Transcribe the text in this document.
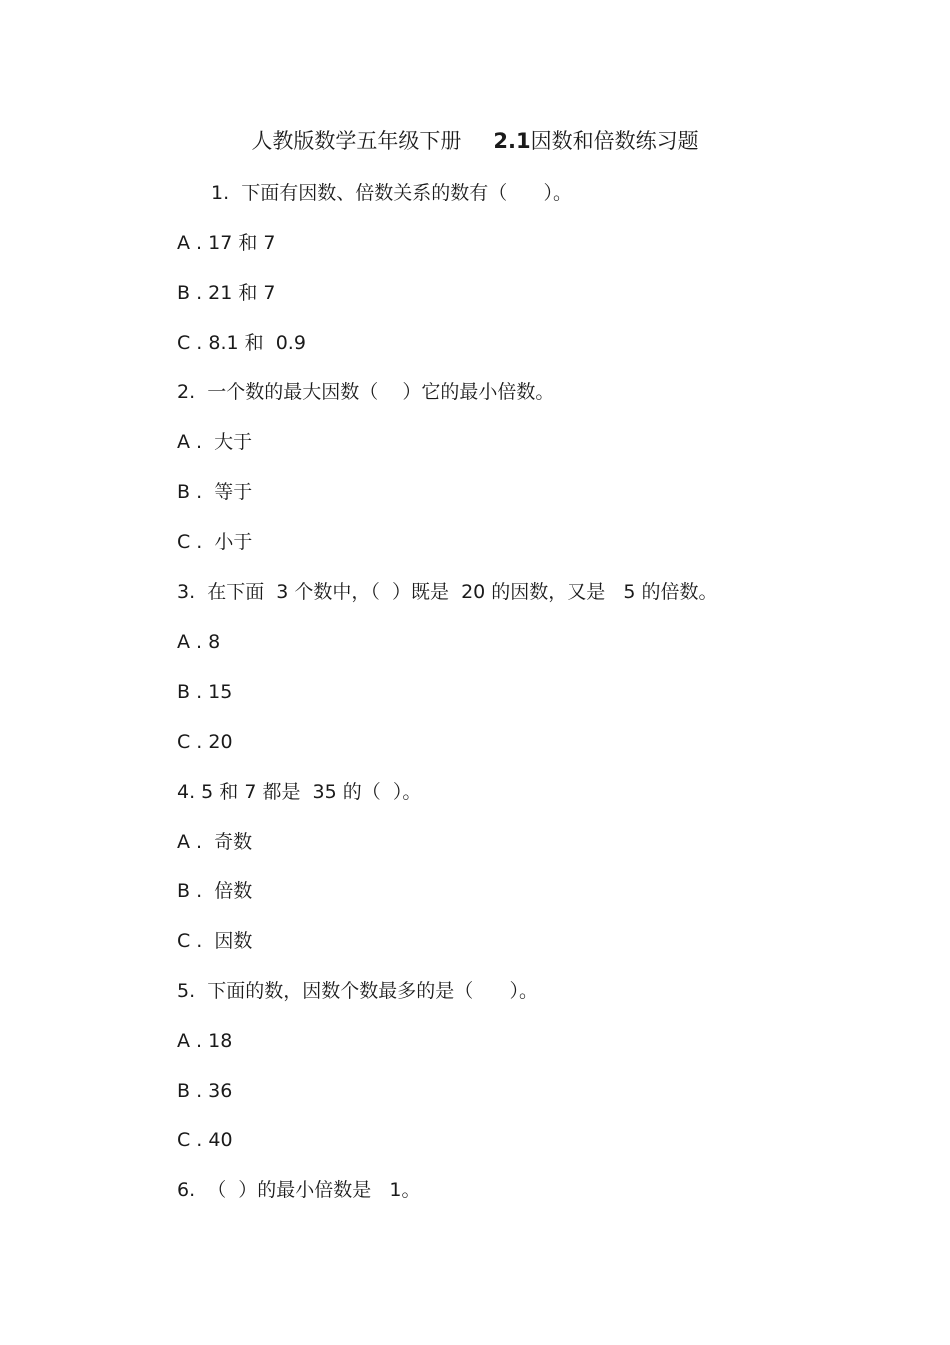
人教版数学五年级下册 2.1因数和倍数练习题
1.  下面有因数、倍数关系的数有（      ）。
A . 17 和 7
B . 21 和 7
C . 8.1 和  0.9
2.  一个数的最大因数（    ）它的最小倍数。
A .  大于
B .  等于
C .  小于
3.  在下面  3 个数中，（  ）既是  20 的因数，又是   5 的倍数。
A . 8
B . 15
C . 20
4. 5 和 7 都是  35 的（  ）。
A .  奇数
B .  倍数
C .  因数
5.  下面的数，因数个数最多的是（      ）。
A . 18
B . 36
C . 40
6.  （  ）的最小倍数是   1。
